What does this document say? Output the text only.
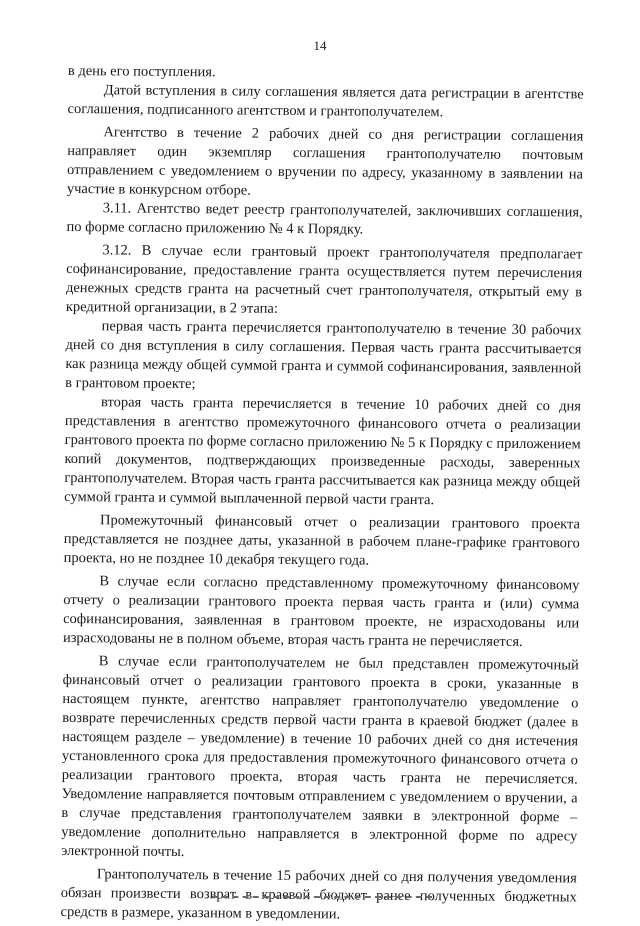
14

в день его поступления.

Датой вступления в силу соглашения является дата регистрации в агентстве соглашения, подписанного агентством и грантополучателем.

Агентство в течение 2 рабочих дней со дня регистрации соглашения направляет один экземпляр соглашения грантополучателю почтовым отправлением с уведомлением о вручении по адресу, указанному в заявлении на участие в конкурсном отборе.

3.11. Агентство ведет реестр грантополучателей, заключивших соглашения, по форме согласно приложению № 4 к Порядку.

3.12. В случае если грантовый проект грантополучателя предполагает софинансирование, предоставление гранта осуществляется путем перечисления денежных средств гранта на расчетный счет грантополучателя, открытый ему в кредитной организации, в 2 этапа:

первая часть гранта перечисляется грантополучателю в течение 30 рабочих дней со дня вступления в силу соглашения. Первая часть гранта рассчитывается как разница между общей суммой гранта и суммой софинансирования, заявленной в грантовом проекте;

вторая часть гранта перечисляется в течение 10 рабочих дней со дня представления в агентство промежуточного финансового отчета о реализации грантового проекта по форме согласно приложению № 5 к Порядку с приложением копий документов, подтверждающих произведенные расходы, заверенных грантополучателем. Вторая часть гранта рассчитывается как разница между общей суммой гранта и суммой выплаченной первой части гранта.

Промежуточный финансовый отчет о реализации грантового проекта представляется не позднее даты, указанной в рабочем плане-графике грантового проекта, но не позднее 10 декабря текущего года.

В случае если согласно представленному промежуточному финансовому отчету о реализации грантового проекта первая часть гранта и (или) сумма софинансирования, заявленная в грантовом проекте, не израсходованы или израсходованы не в полном объеме, вторая часть гранта не перечисляется.

В случае если грантополучателем не был представлен промежуточный финансовый отчет о реализации грантового проекта в сроки, указанные в настоящем пункте, агентство направляет грантополучателю уведомление о возврате перечисленных средств первой части гранта в краевой бюджет (далее в настоящем разделе – уведомление) в течение 10 рабочих дней со дня истечения установленного срока для предоставления промежуточного финансового отчета о реализации грантового проекта, вторая часть гранта не перечисляется. Уведомление направляется почтовым отправлением с уведомлением о вручении, а в случае представления грантополучателем заявки в электронной форме – уведомление дополнительно направляется в электронной форме по адресу электронной почты.

Грантополучатель в течение 15 рабочих дней со дня получения уведомления обязан произвести возврат в краевой бюджет ранее полученных бюджетных средств в размере, указанном в уведомлении.
